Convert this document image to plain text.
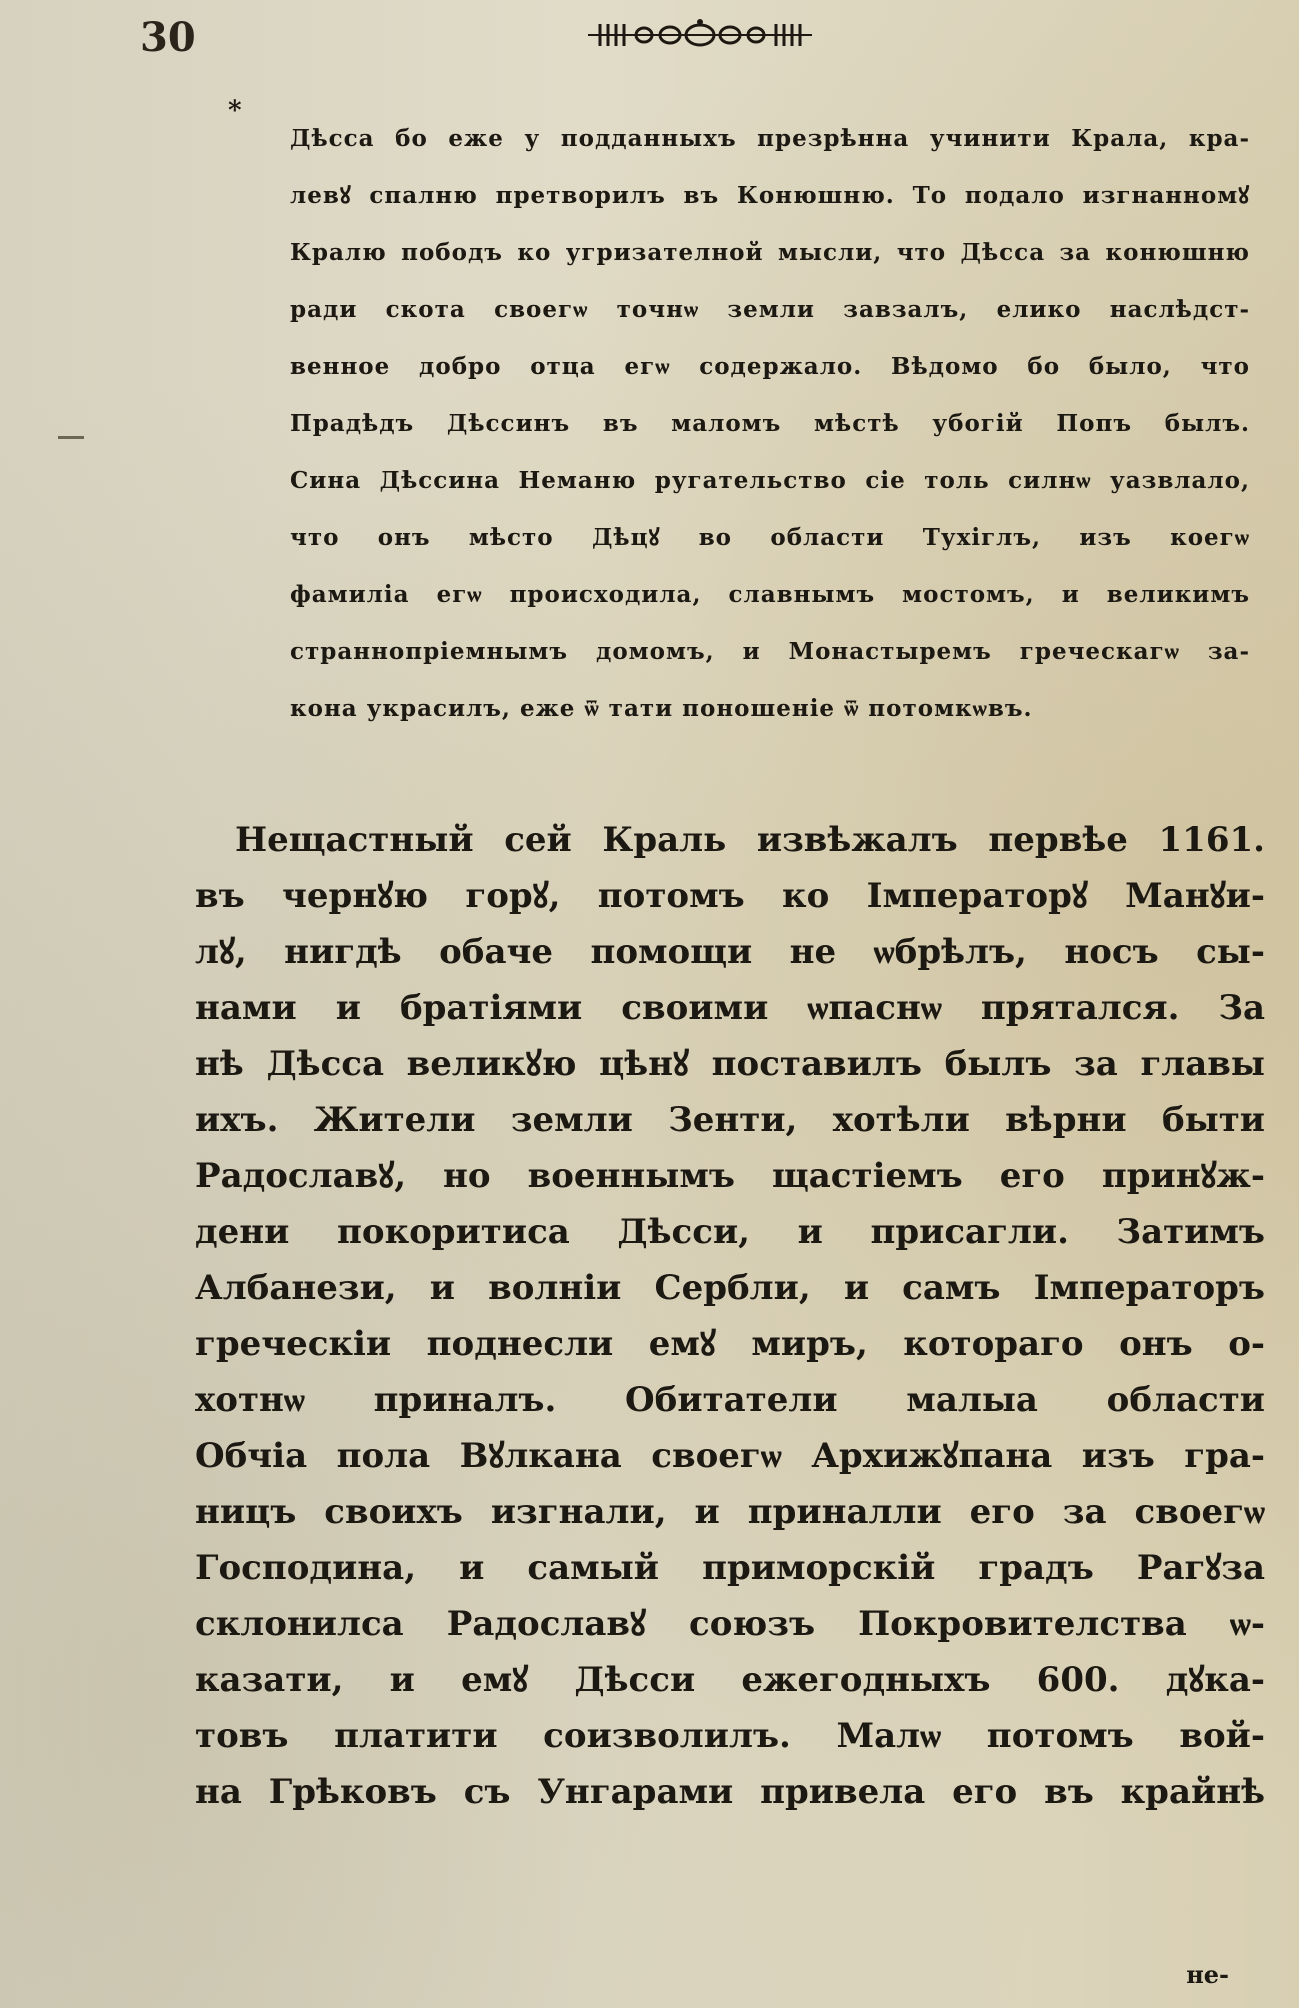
30
*
Дѣсса бо еже у подданныхъ презрѣнна учинити Крала, кра-
левꙋ спалню претворилъ въ Конюшню. То подало изгнанномꙋ
Кралю пободъ ко угризателной мысли, что Дѣсса за конюшню
ради скота своегѡ точнѡ земли завзалъ, елико наслѣдст-
венное добро отца егѡ содержало. Вѣдомо бо было, что
Прадѣдъ Дѣссинъ въ маломъ мѣстѣ убогiй Попъ былъ.
Сина Дѣссина Неманю ругательство сiе толь силнѡ уазвлало,
что онъ мѣсто Дѣцꙋ во области Тухiглъ, изъ коегѡ
фамилiа егѡ происходила, славнымъ мостомъ, и великимъ
страннопрiемнымъ домомъ, и Монастыремъ греческагѡ за-
кона украсилъ, еже ѿ тати поношенiе ѿ потомкѡвъ.
Нещастный сей Краль извѣжалъ первѣе 1161.
въ чернꙋю горꙋ, потомъ ко Iмператорꙋ Манꙋи-
лꙋ, нигдѣ обаче помощи не ѡбрѣлъ, носъ сы-
нами и братiями своими ѡпаснѡ прятался. За
нѣ Дѣсса великꙋю цѣнꙋ поставилъ былъ за главы
ихъ. Жители земли Зенти, хотѣли вѣрни быти
Радославꙋ, но военнымъ щастiемъ его принꙋж-
дени покоритиса Дѣсси, и присагли. Затимъ
Албанези, и волнiи Сербли, и самъ Iмператоръ
греческiи поднесли емꙋ миръ, котораго онъ о-
хотнѡ приналъ. Обитатели малыа области
Обчiа пола Вꙋлкана своегѡ Архижꙋпана изъ гра-
ницъ своихъ изгнали, и приналли его за своегѡ
Господина, и самый приморскiй градъ Рагꙋза
склонилса Радославꙋ союзъ Покровителства ѡ-
казати, и емꙋ Дѣсси ежегодныхъ 600. дꙋка-
товъ платити соизволилъ. Малѡ потомъ вой-
на Грѣковъ съ Унгарами привела его въ крайнѣ
не-
